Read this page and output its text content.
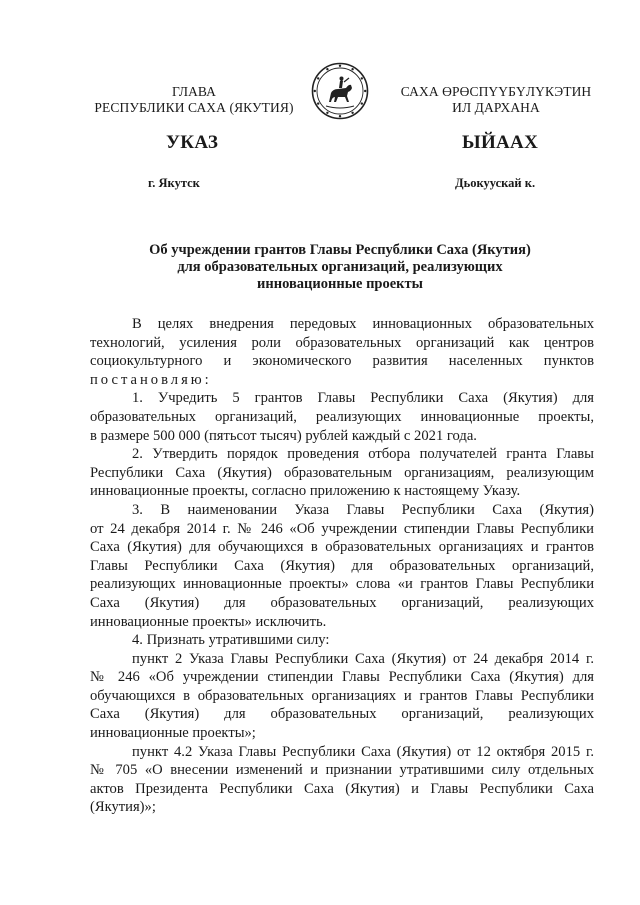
ГЛАВА
РЕСПУБЛИКИ САХА (ЯКУТИЯ)
САХА ӨРӨСПҮҮБҮЛҮКЭТИН
ИЛ ДАРХАНА
УКАЗ	ЫЙААХ
г. Якутск	Дьокуускай к.
Об учреждении грантов Главы Республики Саха (Якутия)
для образовательных организаций, реализующих
инновационные проекты

В целях внедрения передовых инновационных образовательных

технологий, усиления роли образовательных организаций как центров

социокультурного и экономического развития населенных пунктов

постановляю:

1. Учредить 5 грантов Главы Республики Саха (Якутия) для

образовательных организаций, реализующих инновационные проекты,

в размере 500 000 (пятьсот тысяч) рублей каждый с 2021 года.

2. Утвердить порядок проведения отбора получателей гранта Главы

Республики Саха (Якутия) образовательным организациям, реализующим

инновационные проекты, согласно приложению к настоящему Указу.

3. В наименовании Указа Главы Республики Саха (Якутия)

от 24 декабря 2014 г. № 246 «Об учреждении стипендии Главы Республики

Саха (Якутия) для обучающихся в образовательных организациях и грантов

Главы Республики Саха (Якутия) для образовательных организаций,

реализующих инновационные проекты» слова «и грантов Главы Республики

Саха (Якутия) для образовательных организаций, реализующих

инновационные проекты» исключить.

4. Признать утратившими силу:

пункт 2 Указа Главы Республики Саха (Якутия) от 24 декабря 2014 г.

№ 246 «Об учреждении стипендии Главы Республики Саха (Якутия) для

обучающихся в образовательных организациях и грантов Главы Республики

Саха (Якутия) для образовательных организаций, реализующих

инновационные проекты»;

пункт 4.2 Указа Главы Республики Саха (Якутия) от 12 октября 2015 г.

№ 705 «О внесении изменений и признании утратившими силу отдельных

актов Президента Республики Саха (Якутия) и Главы Республики Саха

(Якутия)»;
